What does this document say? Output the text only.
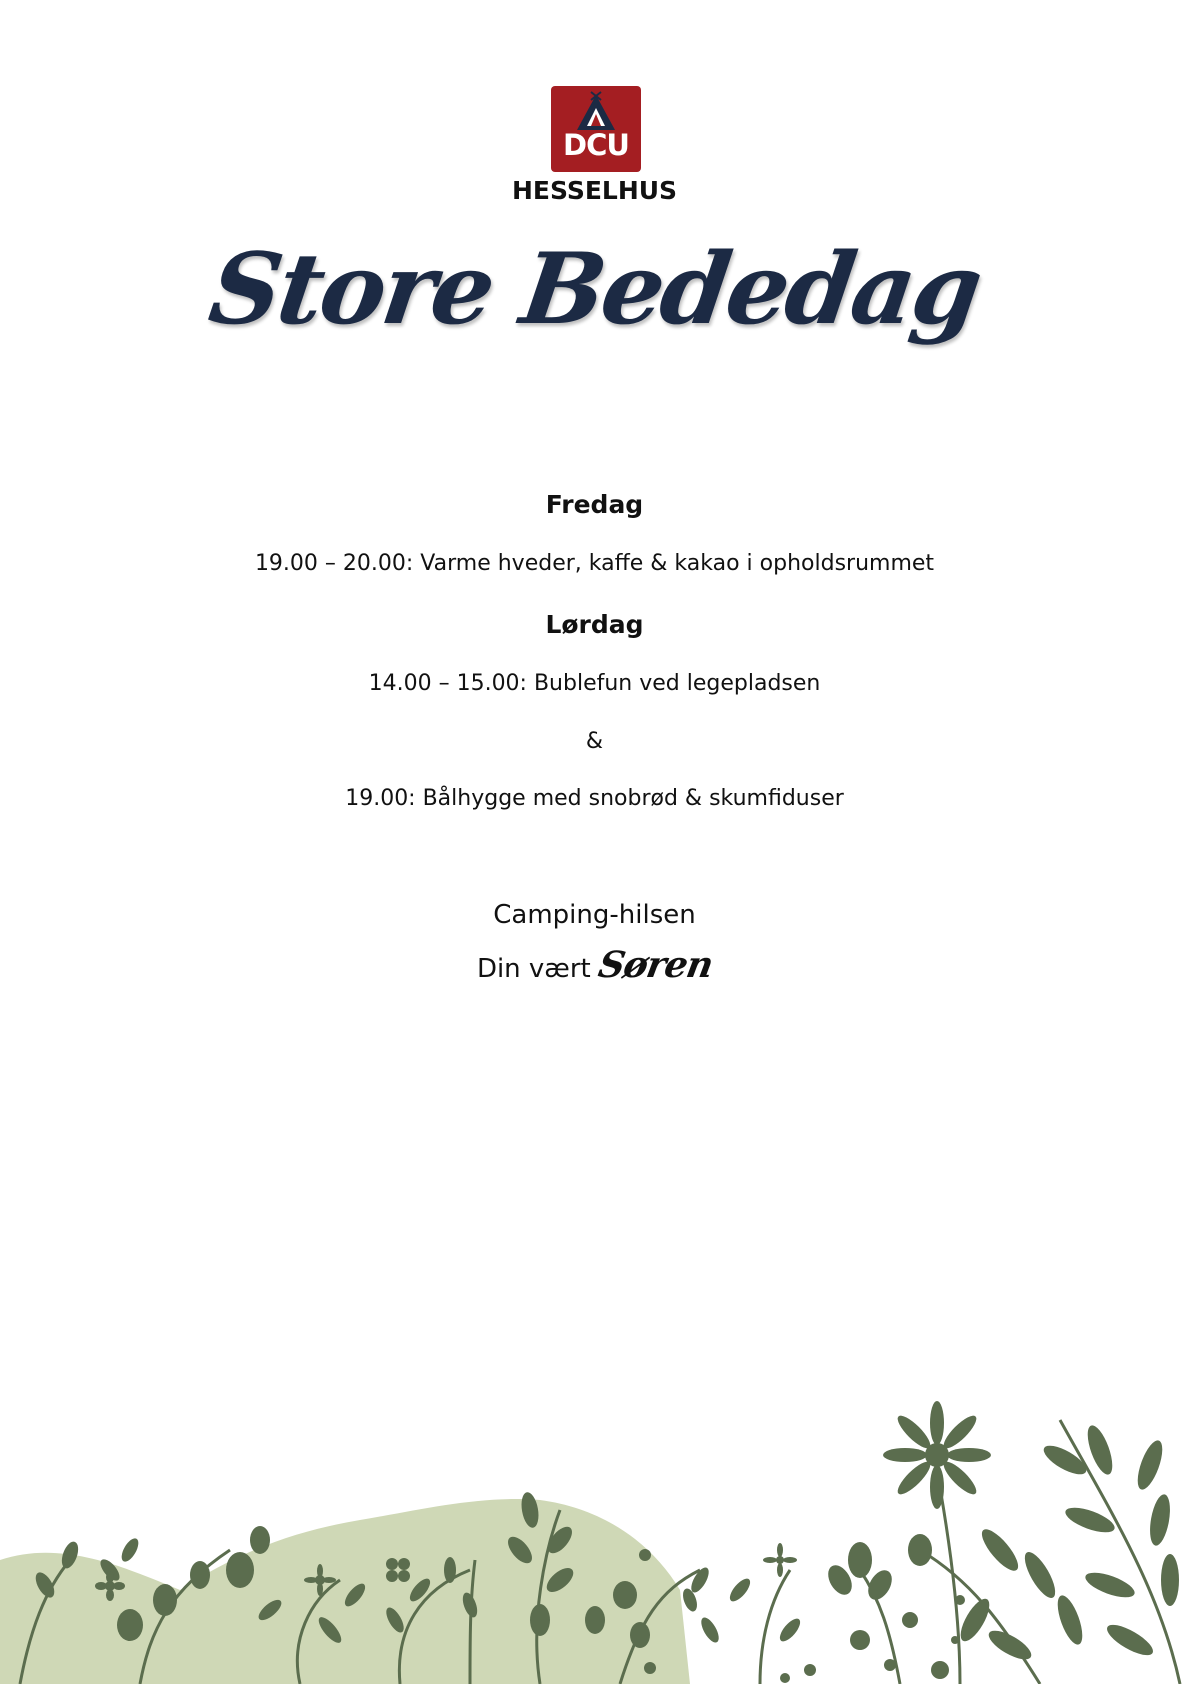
DCU
HESSELHUS
Store Bededag
Fredag
19.00 – 20.00: Varme hveder, kaffe & kakao i opholdsrummet
Lørdag
14.00 – 15.00: Bublefun ved legepladsen
&
19.00: Bålhygge med snobrød & skumfiduser
Camping-hilsen
Din vært Søren
